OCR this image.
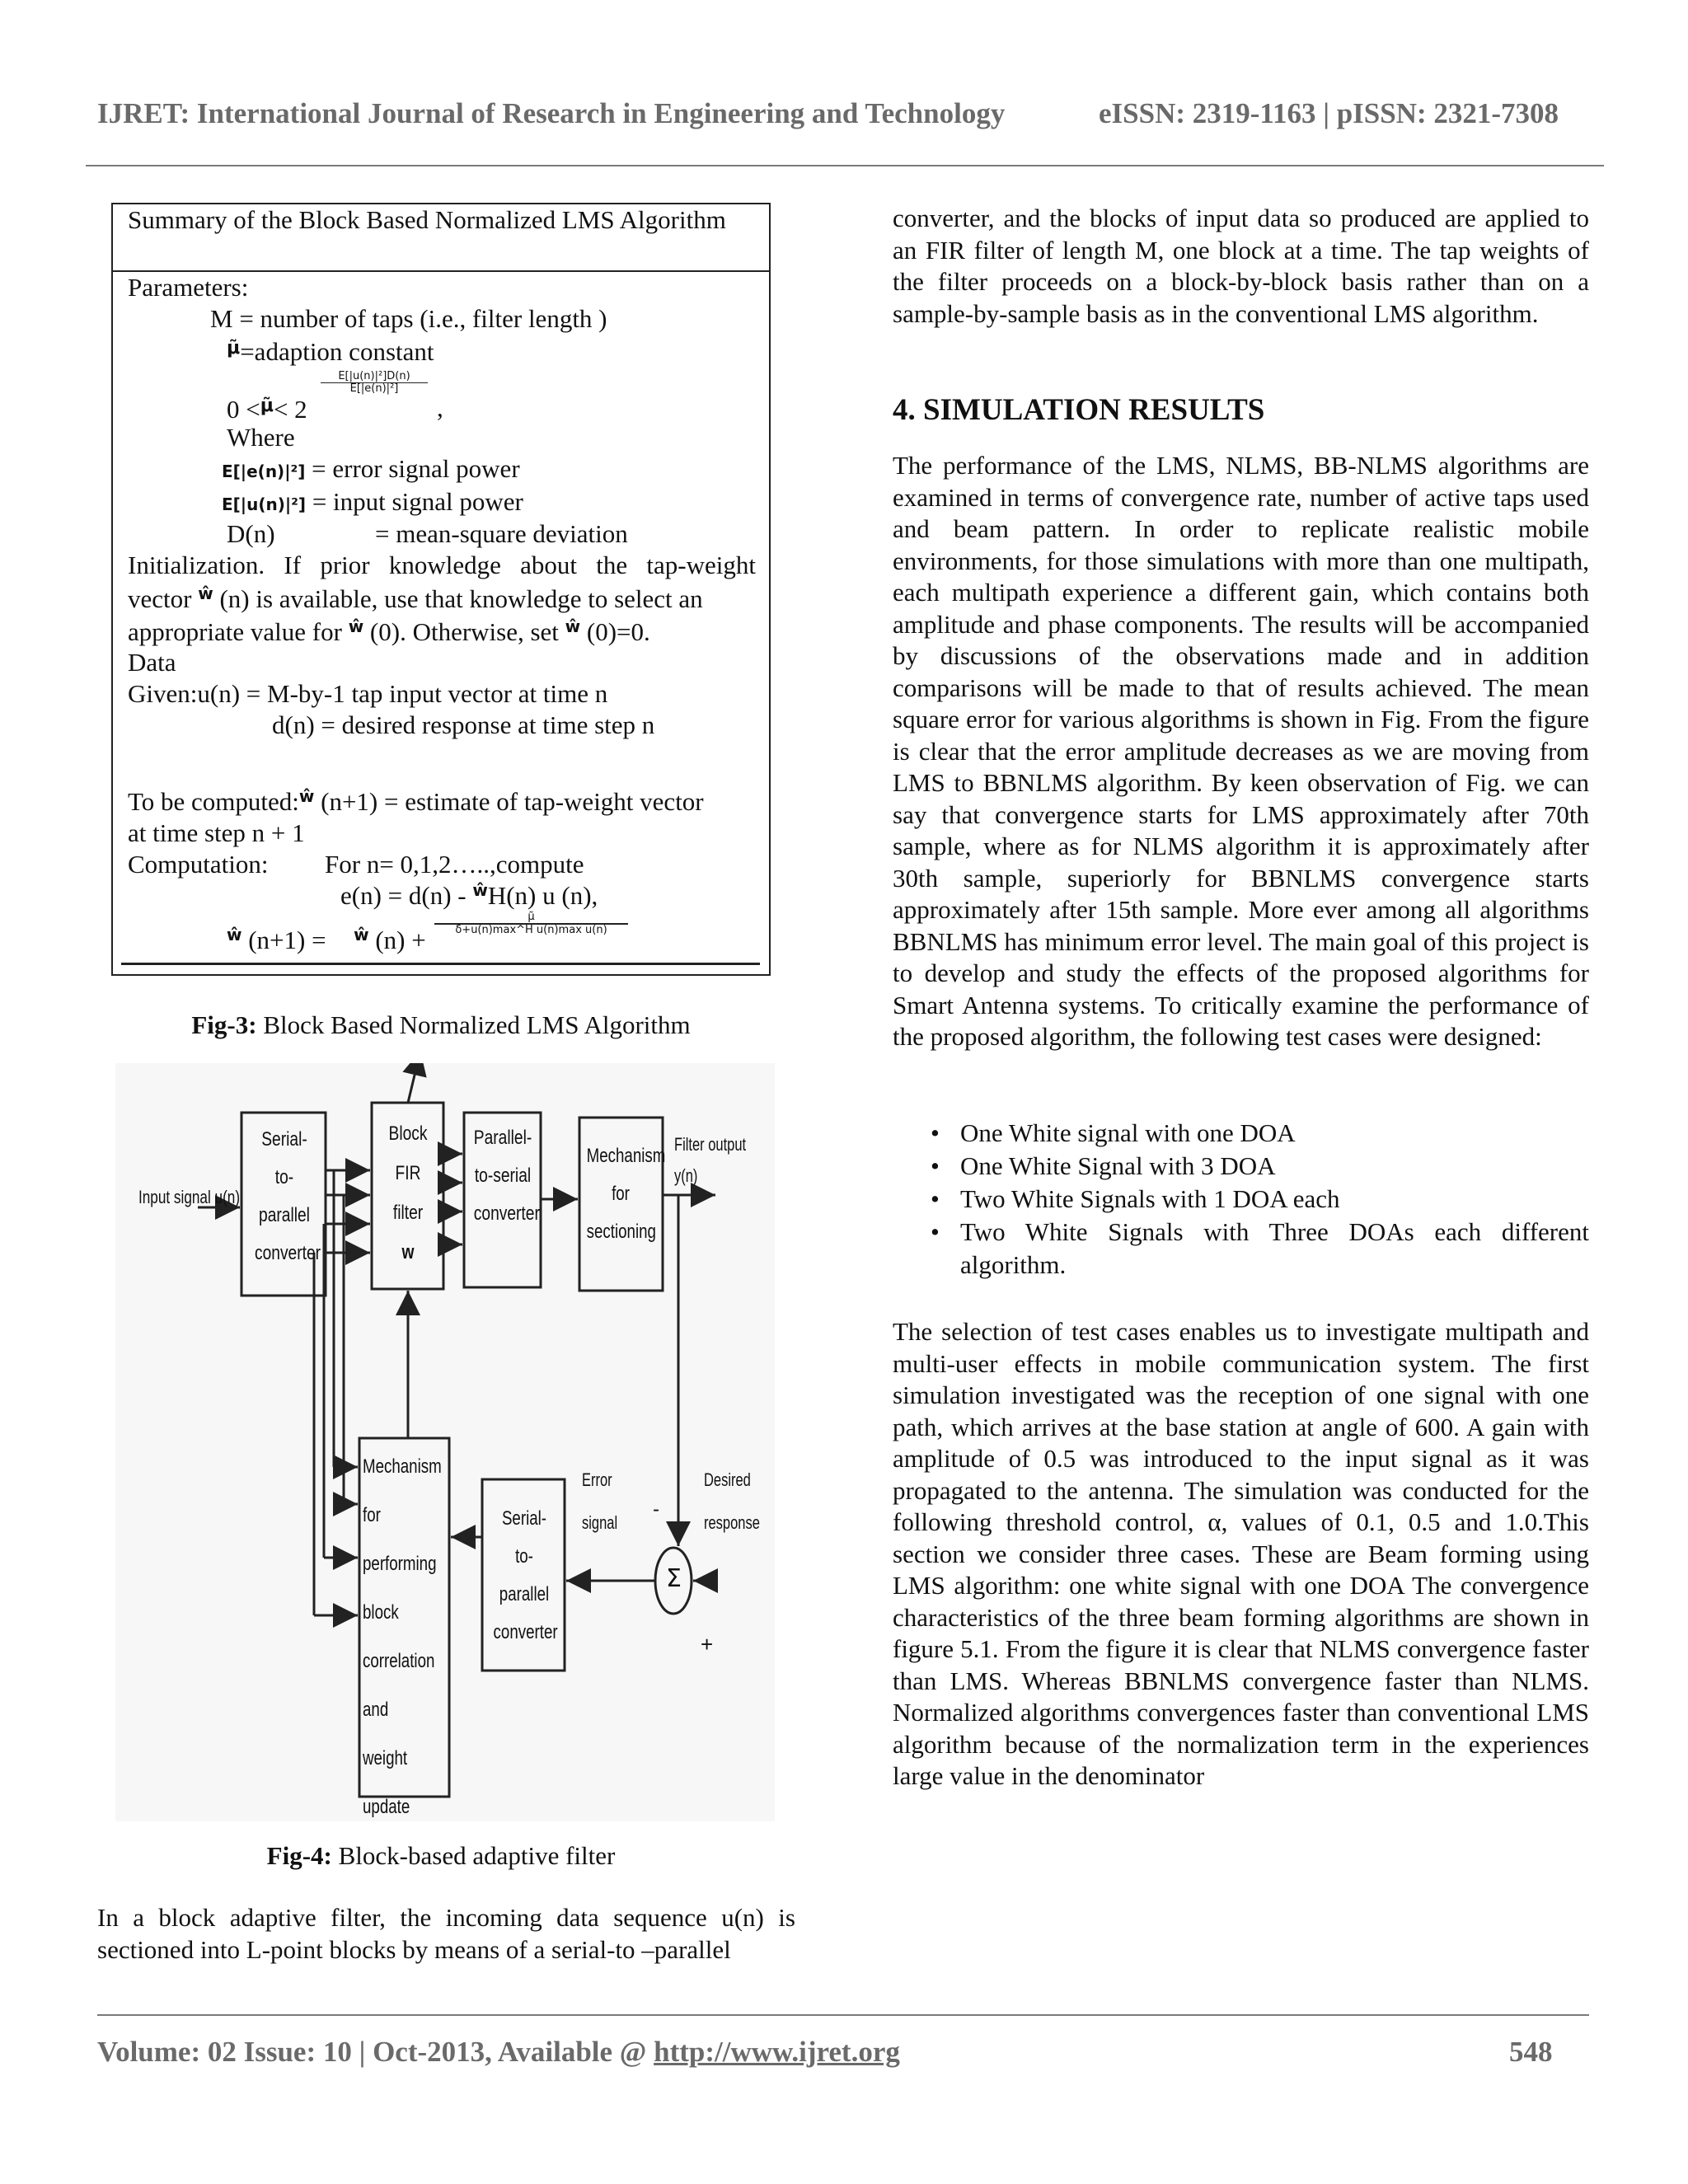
IJRET: International Journal of Research in Engineering and Technology	eISSN: 2319-1163 | pISSN: 2321-7308
Summary of the Block Based Normalized LMS Algorithm
Parameters:
M = number of taps (i.e., filter length )
μ̃=adaption constant
0 <μ̃< 2
$\frac{\text{E[|u(n)|²]D(n)}}{\text{E[|e(n)|²]}}$
,
Where
E[|e(n)|²] = error signal power
E[|u(n)|²] = input signal power
D(n)	= mean-square deviation
Initialization. If prior knowledge about the tap-weight
vector ŵ (n) is available, use that knowledge to select an
appropriate value for ŵ (0). Otherwise, set ŵ (0)=0.
Data
Given:u(n) = M-by-1 tap input vector at time n
d(n) = desired response at time step n
To be computed:ŵ (n+1) = estimate of tap-weight vector
at time step n + 1
Computation: For n= 0,1,2…..,compute
e(n) = d(n) - ŵH(n) u (n),
ŵ (n+1) = ŵ (n) +
μ̃
δ+u(n)max^H u(n)max u(n)
Fig-3: Block Based Normalized LMS Algorithm
Input signal u(n)
Serial-to-
parallel
converter
Block
FIR
filter
w
Parallel-
to-serial
converter
Mechanism
for
sectioning
Filter output
y(n)
Mechanism
for
performing
block
correlation
and weight
update
Serial-to-
parallel
converter
Error
signal
Desired
response
Σ
-
+
Fig-4: Block-based adaptive filter
In a block adaptive filter, the incoming data sequence u(n) is sectioned into L-point blocks by means of a serial-to –parallel
converter, and the blocks of input data so produced are applied to an FIR filter of length M, one block at a time. The tap weights of the filter proceeds on a block-by-block basis rather than on a sample-by-sample basis as in the conventional LMS algorithm.
4. SIMULATION RESULTS
The performance of the LMS, NLMS, BB-NLMS algorithms are examined in terms of convergence rate, number of active taps used and beam pattern. In order to replicate realistic mobile environments, for those simulations with more than one multipath, each multipath experience a different gain, which contains both amplitude and phase components. The results will be accompanied by discussions of the observations made and in addition comparisons will be made to that of results achieved. The mean square error for various algorithms is shown in Fig. From the figure is clear that the error amplitude decreases as we are moving from LMS to BBNLMS algorithm. By keen observation of Fig. we can say that convergence starts for LMS approximately after 70th sample, where as for NLMS algorithm it is approximately after 30th sample, superiorly for BBNLMS convergence starts approximately after 15th sample. More ever among all algorithms BBNLMS has minimum error level. The main goal of this project is to develop and study the effects of the proposed algorithms for Smart Antenna systems. To critically examine the performance of the proposed algorithm, the following test cases were designed:
• One White signal with one DOA
• One White Signal with 3 DOA
• Two White Signals with 1 DOA each
• Two White Signals with Three DOAs each different algorithm.
The selection of test cases enables us to investigate multipath and multi-user effects in mobile communication system. The first simulation investigated was the reception of one signal with one path, which arrives at the base station at angle of 600. A gain with amplitude of 0.5 was introduced to the input signal as it was propagated to the antenna. The simulation was conducted for the following threshold control, α, values of 0.1, 0.5 and 1.0.This section we consider three cases. These are Beam forming using LMS algorithm: one white signal with one DOA The convergence characteristics of the three beam forming algorithms are shown in figure 5.1. From the figure it is clear that NLMS convergence faster than LMS. Whereas BBNLMS convergence faster than NLMS. Normalized algorithms convergences faster than conventional LMS algorithm because of the normalization term in the experiences large value in the denominator
Volume: 02 Issue: 10 | Oct-2013, Available @ http://www.ijret.org	548
